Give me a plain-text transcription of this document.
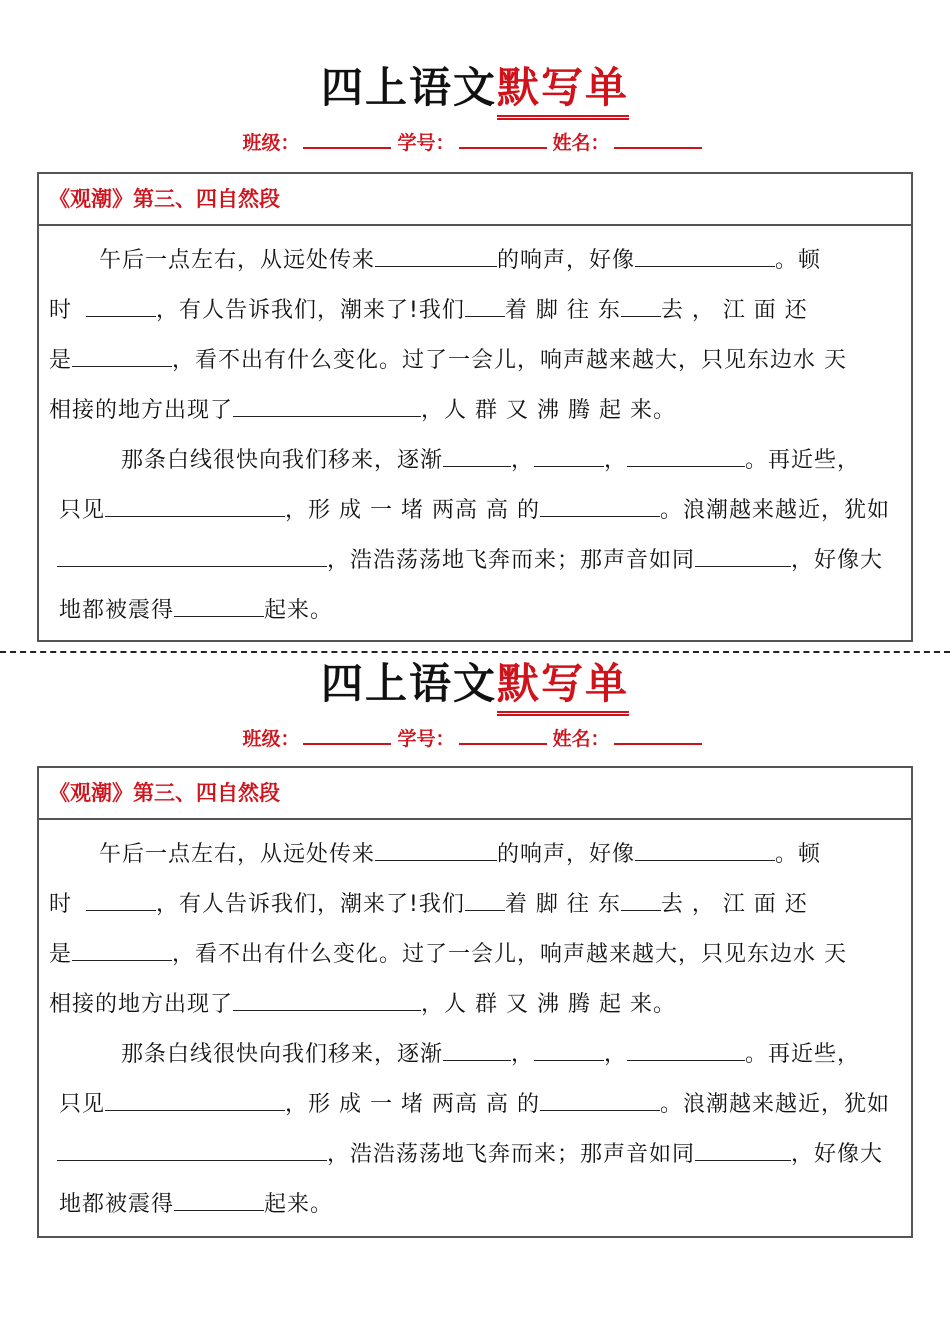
四上语文默写单
班级：	学号：	姓名：
《观潮》第三、四自然段
午后一点左右，从远处传来	的响声，好像	。顿
时	，有人告诉我们，潮来了!我们 着 脚 往 东 去 ， 江 面 还
是	，看不出有什么变化。过了一会儿，响声越来越大，只见东边水 天
相接的地方出现了	，人 群 又 沸 腾 起 来。
那条白线很快向我们移来，逐渐	，	，	。再近些，
只见	，形 成 一 堵 两高 高 的	。浪潮越来越近，犹如
，浩浩荡荡地飞奔而来；那声音如同	，好像大
地都被震得	起来。
四上语文默写单
班级：	学号：	姓名：
《观潮》第三、四自然段
午后一点左右，从远处传来	的响声，好像	。顿
时	，有人告诉我们，潮来了!我们 着 脚 往 东 去 ， 江 面 还
是	，看不出有什么变化。过了一会儿，响声越来越大，只见东边水 天
相接的地方出现了	，人 群 又 沸 腾 起 来。
那条白线很快向我们移来，逐渐	，	，	。再近些，
只见	，形 成 一 堵 两高 高 的	。浪潮越来越近，犹如
，浩浩荡荡地飞奔而来；那声音如同	，好像大
地都被震得	起来。
